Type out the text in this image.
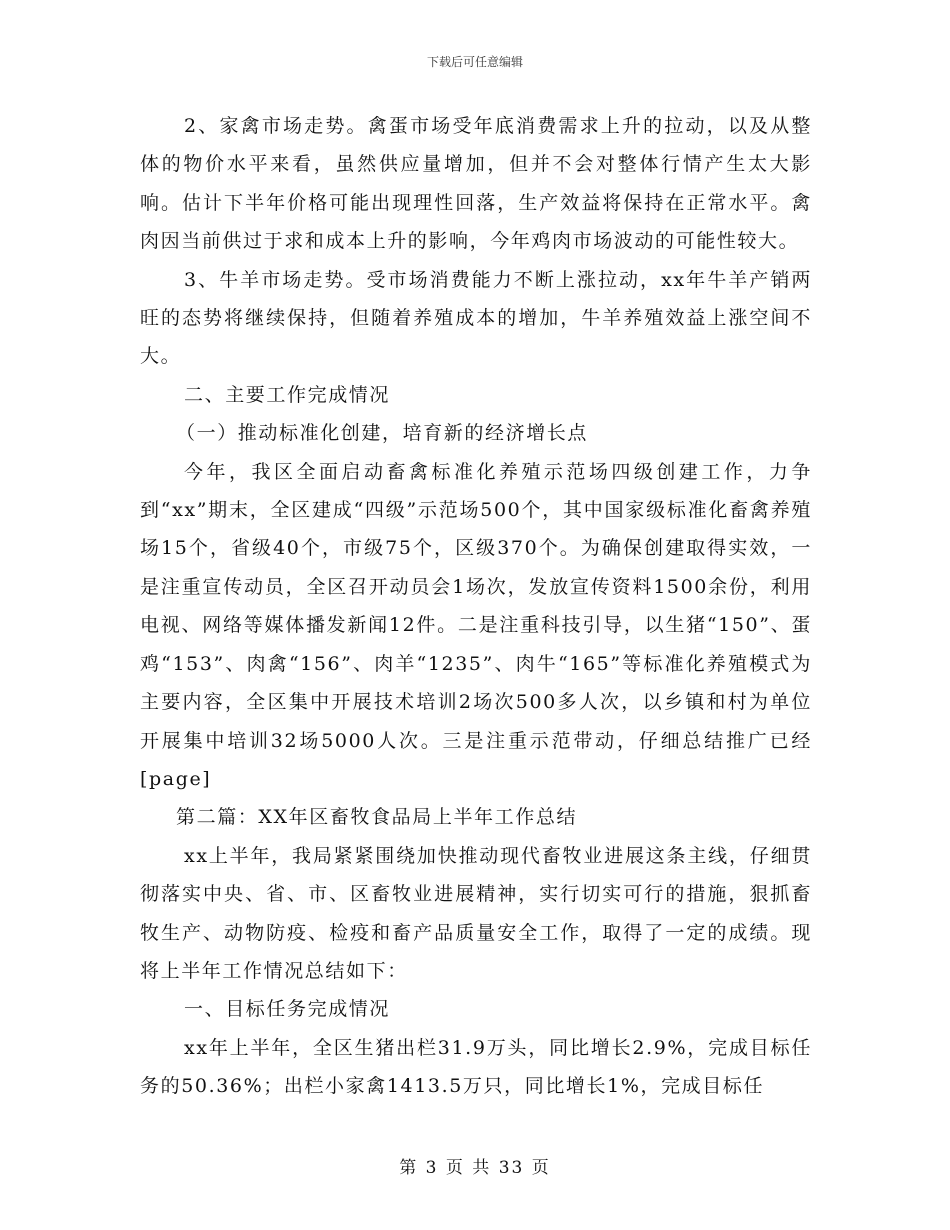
下载后可任意编辑

2、家禽市场走势。禽蛋市场受年底消费需求上升的拉动，以及从整体的物价水平来看，虽然供应量增加，但并不会对整体行情产生太大影响。估计下半年价格可能出现理性回落，生产效益将保持在正常水平。禽肉因当前供过于求和成本上升的影响，今年鸡肉市场波动的可能性较大。

3、牛羊市场走势。受市场消费能力不断上涨拉动，xx年牛羊产销两旺的态势将继续保持，但随着养殖成本的增加，牛羊养殖效益上涨空间不大。

二、主要工作完成情况

（一）推动标准化创建，培育新的经济增长点

今年，我区全面启动畜禽标准化养殖示范场四级创建工作，力争到“xx”期末，全区建成“四级”示范场500个，其中国家级标准化畜禽养殖场15个，省级40个，市级75个，区级370个。为确保创建取得实效，一是注重宣传动员，全区召开动员会1场次，发放宣传资料1500余份，利用电视、网络等媒体播发新闻12件。二是注重科技引导，以生猪“150”、蛋鸡“153”、肉禽“156”、肉羊“1235”、肉牛“165”等标准化养殖模式为主要内容，全区集中开展技术培训2场次500多人次，以乡镇和村为单位开展集中培训32场5000人次。三是注重示范带动，仔细总结推广已经 [page]

第二篇：XX年区畜牧食品局上半年工作总结

xx上半年，我局紧紧围绕加快推动现代畜牧业进展这条主线，仔细贯彻落实中央、省、市、区畜牧业进展精神，实行切实可行的措施，狠抓畜牧生产、动物防疫、检疫和畜产品质量安全工作，取得了一定的成绩。现将上半年工作情况总结如下：

一、目标任务完成情况

xx年上半年，全区生猪出栏31.9万头，同比增长2.9%，完成目标任务的50.36%；出栏小家禽1413.5万只，同比增长1%，完成目标任

第 3 页 共 33 页
